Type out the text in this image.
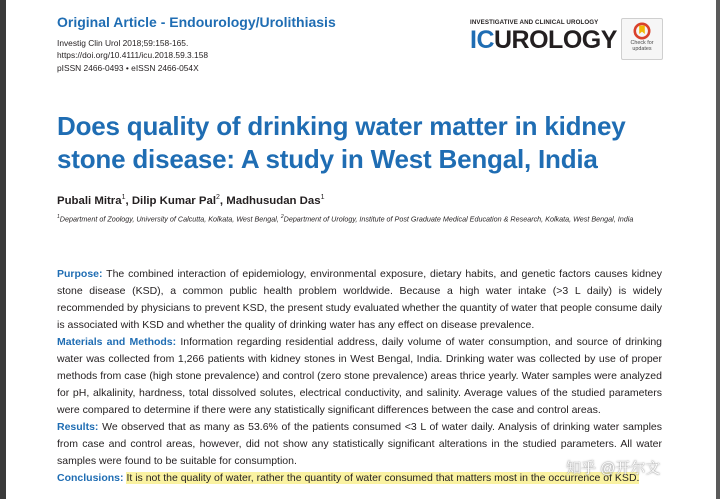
Original Article - Endourology/Urolithiasis
Investig Clin Urol 2018;59:158-165.
https://doi.org/10.4111/icu.2018.59.3.158
pISSN 2466-0493 • eISSN 2466-054X
INVESTIGATIVE AND CLINICAL UROLOGY
ICUROLOGY	Check for
updates
Does quality of drinking water matter in kidney stone disease: A study in West Bengal, India
Pubali Mitra$^1$, Dilip Kumar Pal$^2$, Madhusudan Das$^1$
$^1$Department of Zoology, University of Calcutta, Kolkata, West Bengal, $^2$Department of Urology, Institute of Post Graduate Medical Education & Research, Kolkata, West Bengal, India

Purpose: The combined interaction of epidemiology, environmental exposure, dietary habits, and genetic factors causes kidney stone disease (KSD), a common public health problem worldwide. Because a high water intake (>3 L daily) is widely recommended by physicians to prevent KSD, the present study evaluated whether the quantity of water that people consume daily is associated with KSD and whether the quality of drinking water has any effect on disease prevalence.

Materials and Methods: Information regarding residential address, daily volume of water consumption, and source of drinking water was collected from 1,266 patients with kidney stones in West Bengal, India. Drinking water was collected by use of proper methods from case (high stone prevalence) and control (zero stone prevalence) areas thrice yearly. Water samples were analyzed for pH, alkalinity, hardness, total dissolved solutes, electrical conductivity, and salinity. Average values of the studied parameters were compared to determine if there were any statistically significant differences between the case and control areas.

Results: We observed that as many as 53.6% of the patients consumed <3 L of water daily. Analysis of drinking water samples from case and control areas, however, did not show any statistically significant alterations in the studied parameters. All water samples were found to be suitable for consumption.

Conclusions: It is not the quality of water, rather the quantity of water consumed that matters most in the occurrence of KSD.

知乎 @开尔文
